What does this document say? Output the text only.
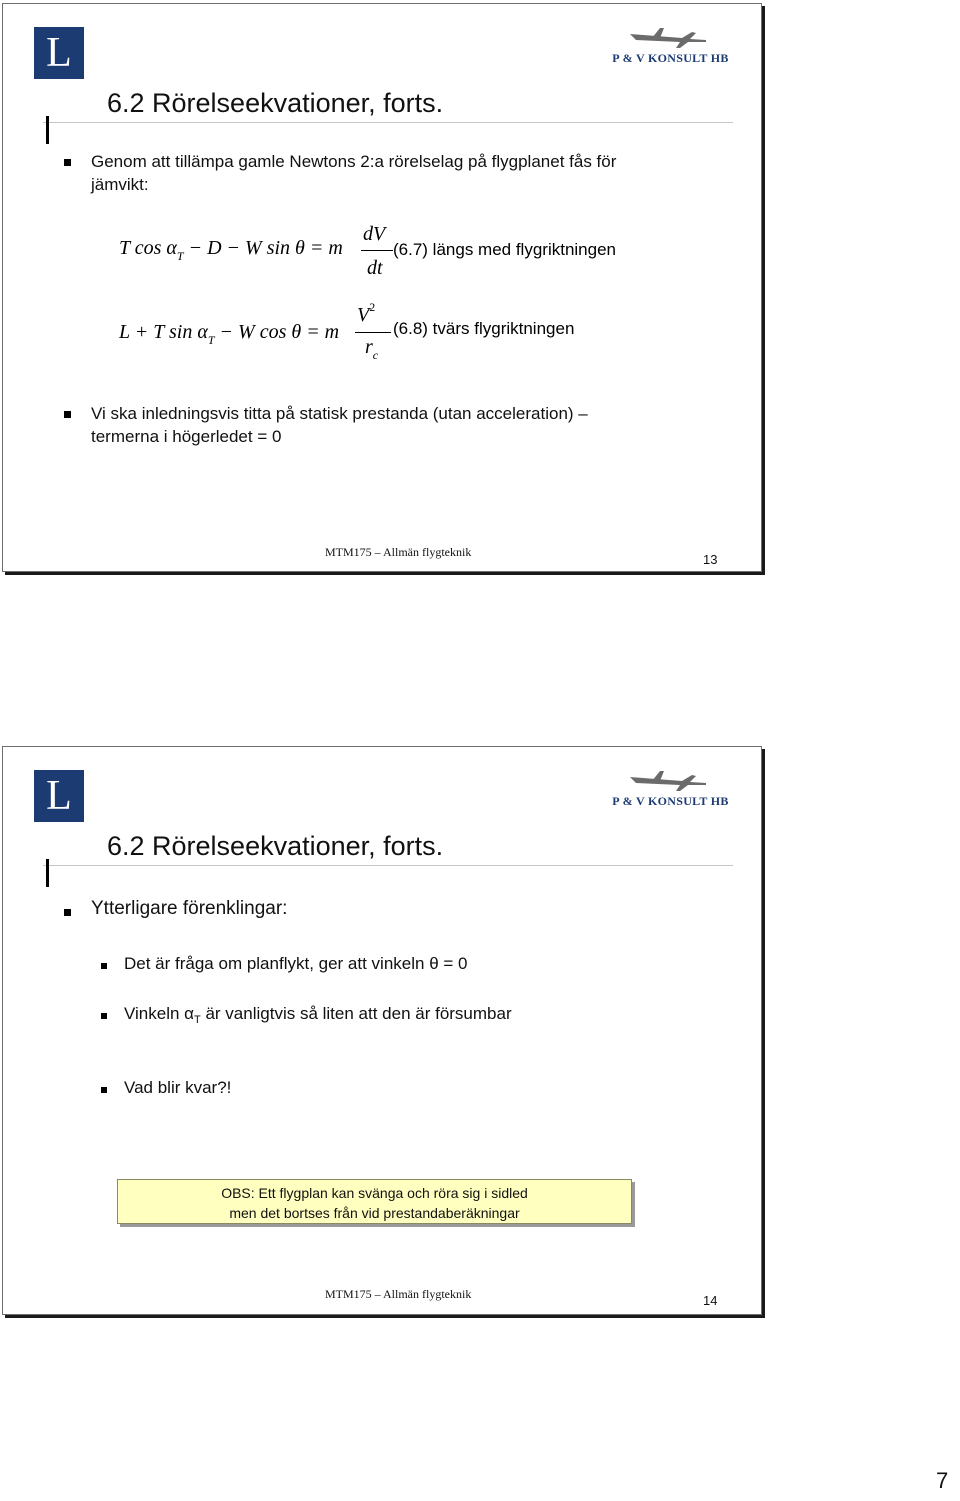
L	P & V KONSULT HB
6.2 Rörelseekvationer, forts.
Genom att tillämpa gamle Newtons 2:a rörelselag på flygplanet fås för
jämvikt:
T $\cos \alpha_T - D - W$ sin θ = m
dV
dt
(6.7) längs med flygriktningen
L + T $\sin \alpha_T - W$ cos θ = m
$V^2$
$r_c$
(6.8) tvärs flygriktningen
Vi ska inledningsvis titta på statisk prestanda (utan acceleration) –
termerna i högerledet = 0
MTM175 – Allmän flygteknik	13
L	P & V KONSULT HB
6.2 Rörelseekvationer, forts.
Ytterligare förenklingar:
Det är fråga om planflykt, ger att vinkeln θ = 0
Vinkeln $\alpha_T$ är vanligtvis så liten att den är försumbar
Vad blir kvar?!
OBS: Ett flygplan kan svänga och röra sig i sidled
men det bortses från vid prestandaberäkningar
MTM175 – Allmän flygteknik	14
7
